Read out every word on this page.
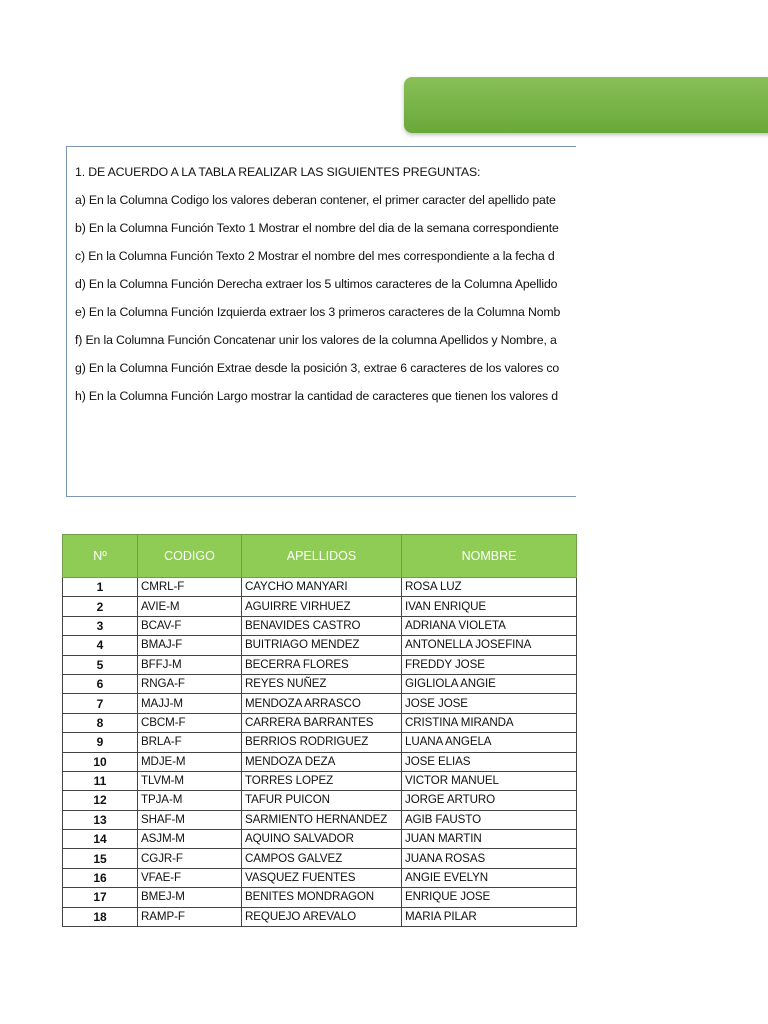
1. DE ACUERDO A LA TABLA REALIZAR LAS SIGUIENTES PREGUNTAS:
a) En la Columna Codigo los valores deberan contener, el primer caracter del apellido pate
b) En la Columna Función Texto 1 Mostrar el nombre del dia de la semana correspondiente
c) En la Columna Función Texto 2 Mostrar el nombre del mes correspondiente a la fecha d
d) En la Columna Función Derecha extraer los 5 ultimos caracteres de la Columna Apellido
e) En la Columna Función Izquierda extraer los 3 primeros caracteres de la Columna Nomb
f) En la Columna Función Concatenar unir los valores de la columna Apellidos y Nombre, a
g) En la Columna Función Extrae desde la posición 3, extrae 6 caracteres de los valores co
h) En la Columna Función Largo mostrar la cantidad de caracteres que tienen los valores d
Nº	CODIGO	APELLIDOS	NOMBRE
1	CMRL-F	CAYCHO MANYARI	ROSA LUZ
2	AVIE-M	AGUIRRE VIRHUEZ	IVAN ENRIQUE
3	BCAV-F	BENAVIDES CASTRO	ADRIANA VIOLETA
4	BMAJ-F	BUITRIAGO MENDEZ	ANTONELLA JOSEFINA
5	BFFJ-M	BECERRA FLORES	FREDDY JOSE
6	RNGA-F	REYES NUÑEZ	GIGLIOLA ANGIE
7	MAJJ-M	MENDOZA ARRASCO	JOSE JOSE
8	CBCM-F	CARRERA BARRANTES	CRISTINA MIRANDA
9	BRLA-F	BERRIOS RODRIGUEZ	LUANA ANGELA
10	MDJE-M	MENDOZA DEZA	JOSE ELIAS
11	TLVM-M	TORRES LOPEZ	VICTOR MANUEL
12	TPJA-M	TAFUR PUICON	JORGE ARTURO
13	SHAF-M	SARMIENTO HERNANDEZ	AGIB FAUSTO
14	ASJM-M	AQUINO SALVADOR	JUAN MARTIN
15	CGJR-F	CAMPOS GALVEZ	JUANA ROSAS
16	VFAE-F	VASQUEZ FUENTES	ANGIE EVELYN
17	BMEJ-M	BENITES MONDRAGON	ENRIQUE JOSE
18	RAMP-F	REQUEJO AREVALO	MARIA PILAR
